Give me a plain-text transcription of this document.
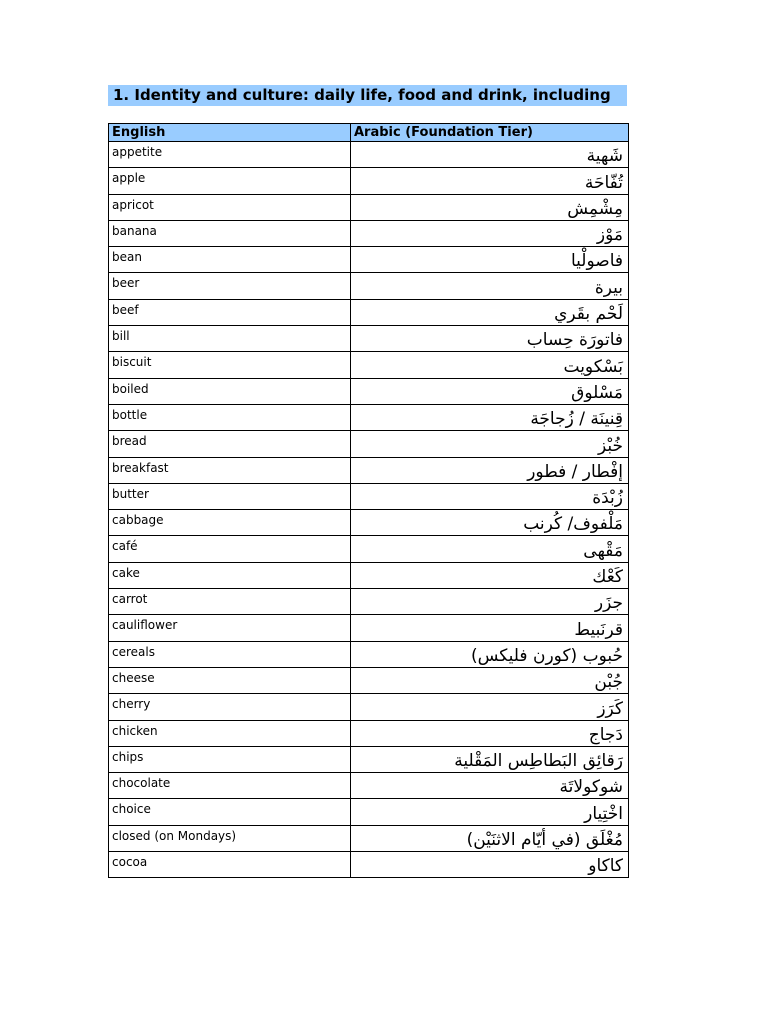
1. Identity and culture: daily life, food and drink, including
English	Arabic (Foundation Tier)
appetite	شَهية
apple	تُفّاحَة
apricot	مِشْمِش
banana	مَوْز
bean	فاصولْيا
beer	بيرة
beef	لَحْم بقَري
bill	فاتورَة حِساب
biscuit	بَسْكويت
boiled	مَسْلوق
bottle	قِنينَة / زُجاجَة
bread	خُبْز
breakfast	إفْطار / فطور
butter	زُبْدَة
cabbage	مَلْفوف/ كُرنب
café	مَقْهى
cake	كَعْك
carrot	جزَر
cauliflower	قرنَبيط
cereals	حُبوب (كورن فليكس)
cheese	جُبْن
cherry	كَرَز
chicken	دَجاج
chips	رَقائِق البَطاطِس المَقْلية
chocolate	شوكولاتَة
choice	اخْتِيار
closed (on Mondays)	مُغْلَق (في أيّام الاثنَيْن)
cocoa	كاكاو
